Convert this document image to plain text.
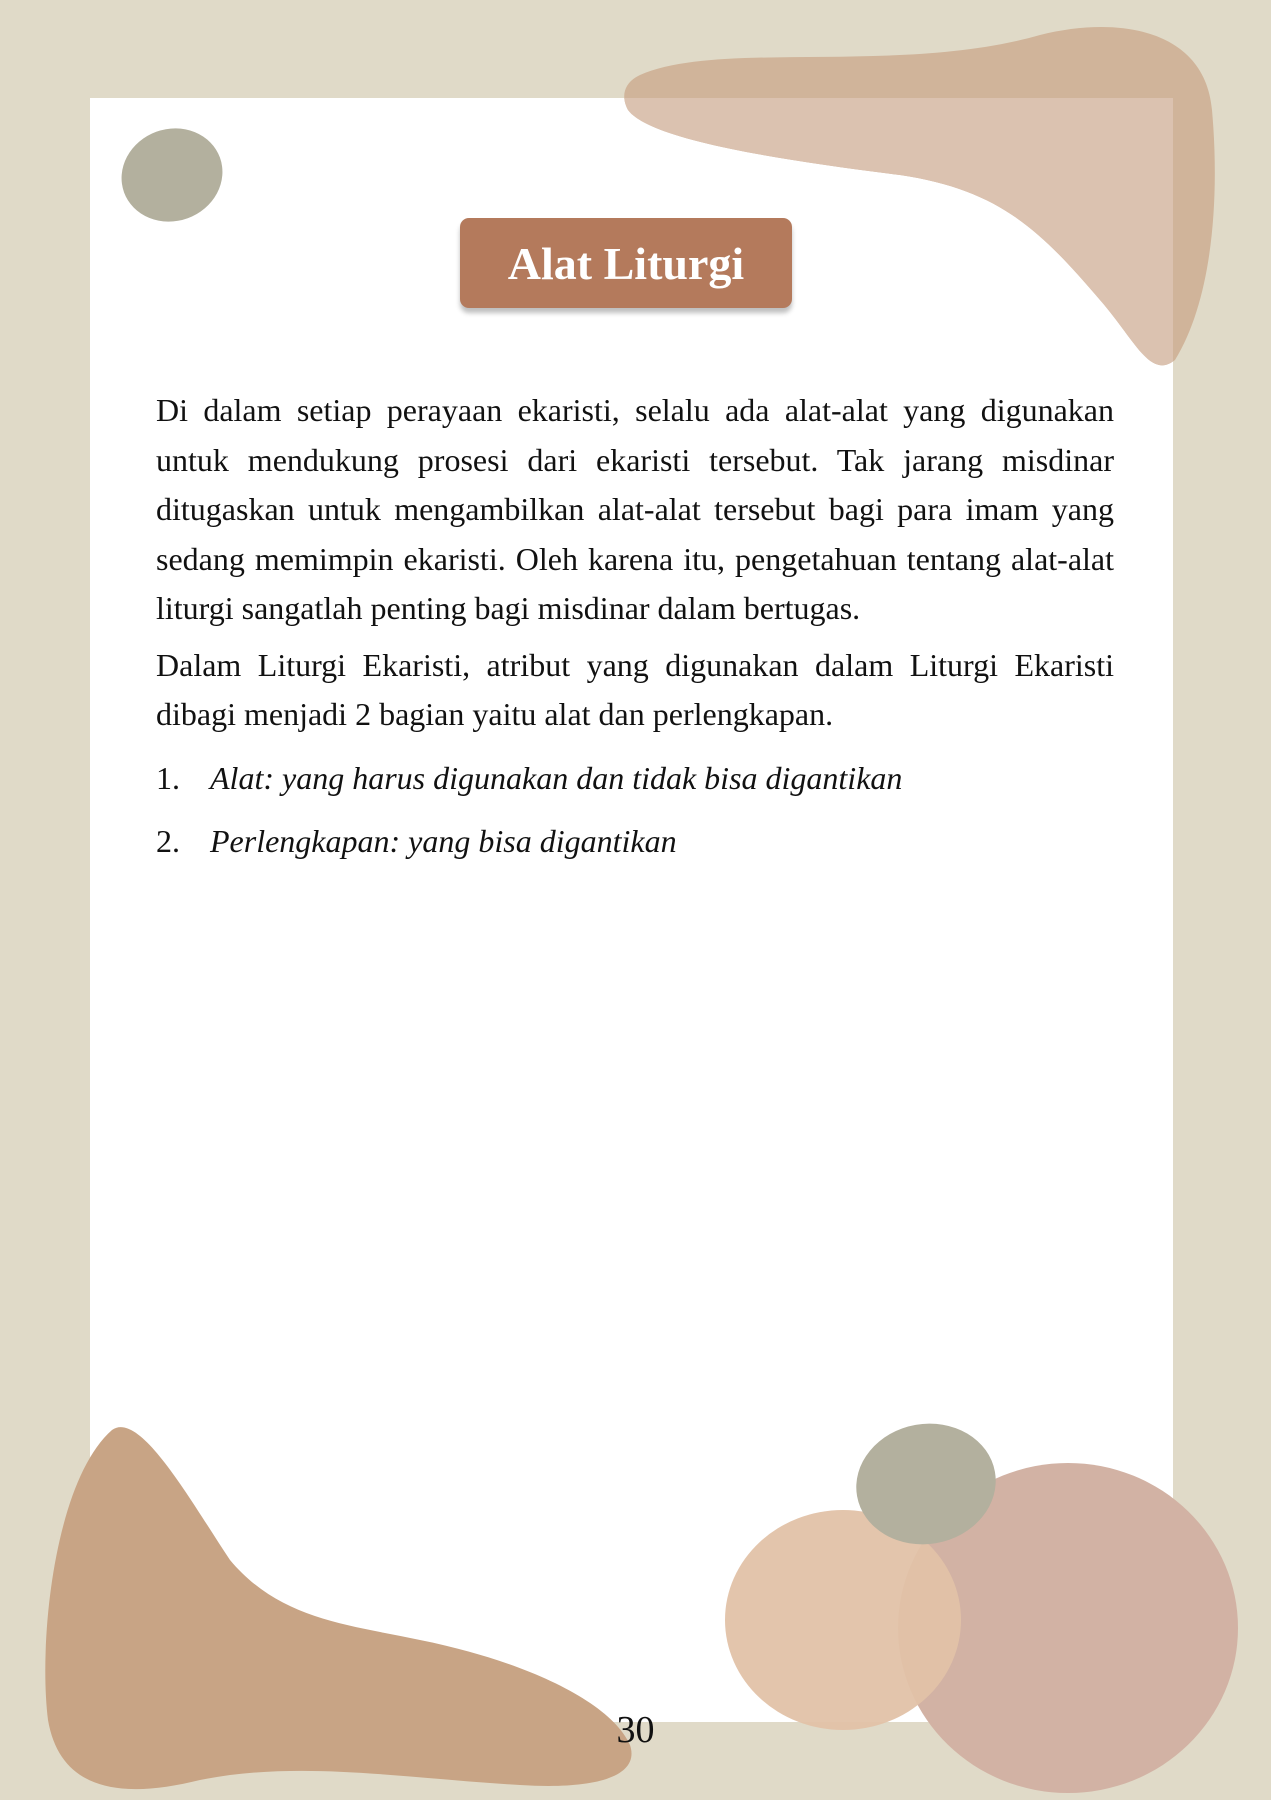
Alat Liturgi

Di dalam setiap perayaan ekaristi, selalu ada alat-alat yang digunakan untuk mendukung prosesi dari ekaristi tersebut. Tak jarang misdinar ditugaskan untuk mengambilkan alat-alat tersebut bagi para imam yang sedang memimpin ekaristi. Oleh karena itu, pengetahuan tentang alat-alat liturgi sangatlah penting bagi misdinar dalam bertugas.

Dalam Liturgi Ekaristi, atribut yang digunakan dalam Liturgi Ekaristi dibagi menjadi 2 bagian yaitu alat dan perlengkapan.

1. Alat: yang harus digunakan dan tidak bisa digantikan
2. Perlengkapan: yang bisa digantikan
30
